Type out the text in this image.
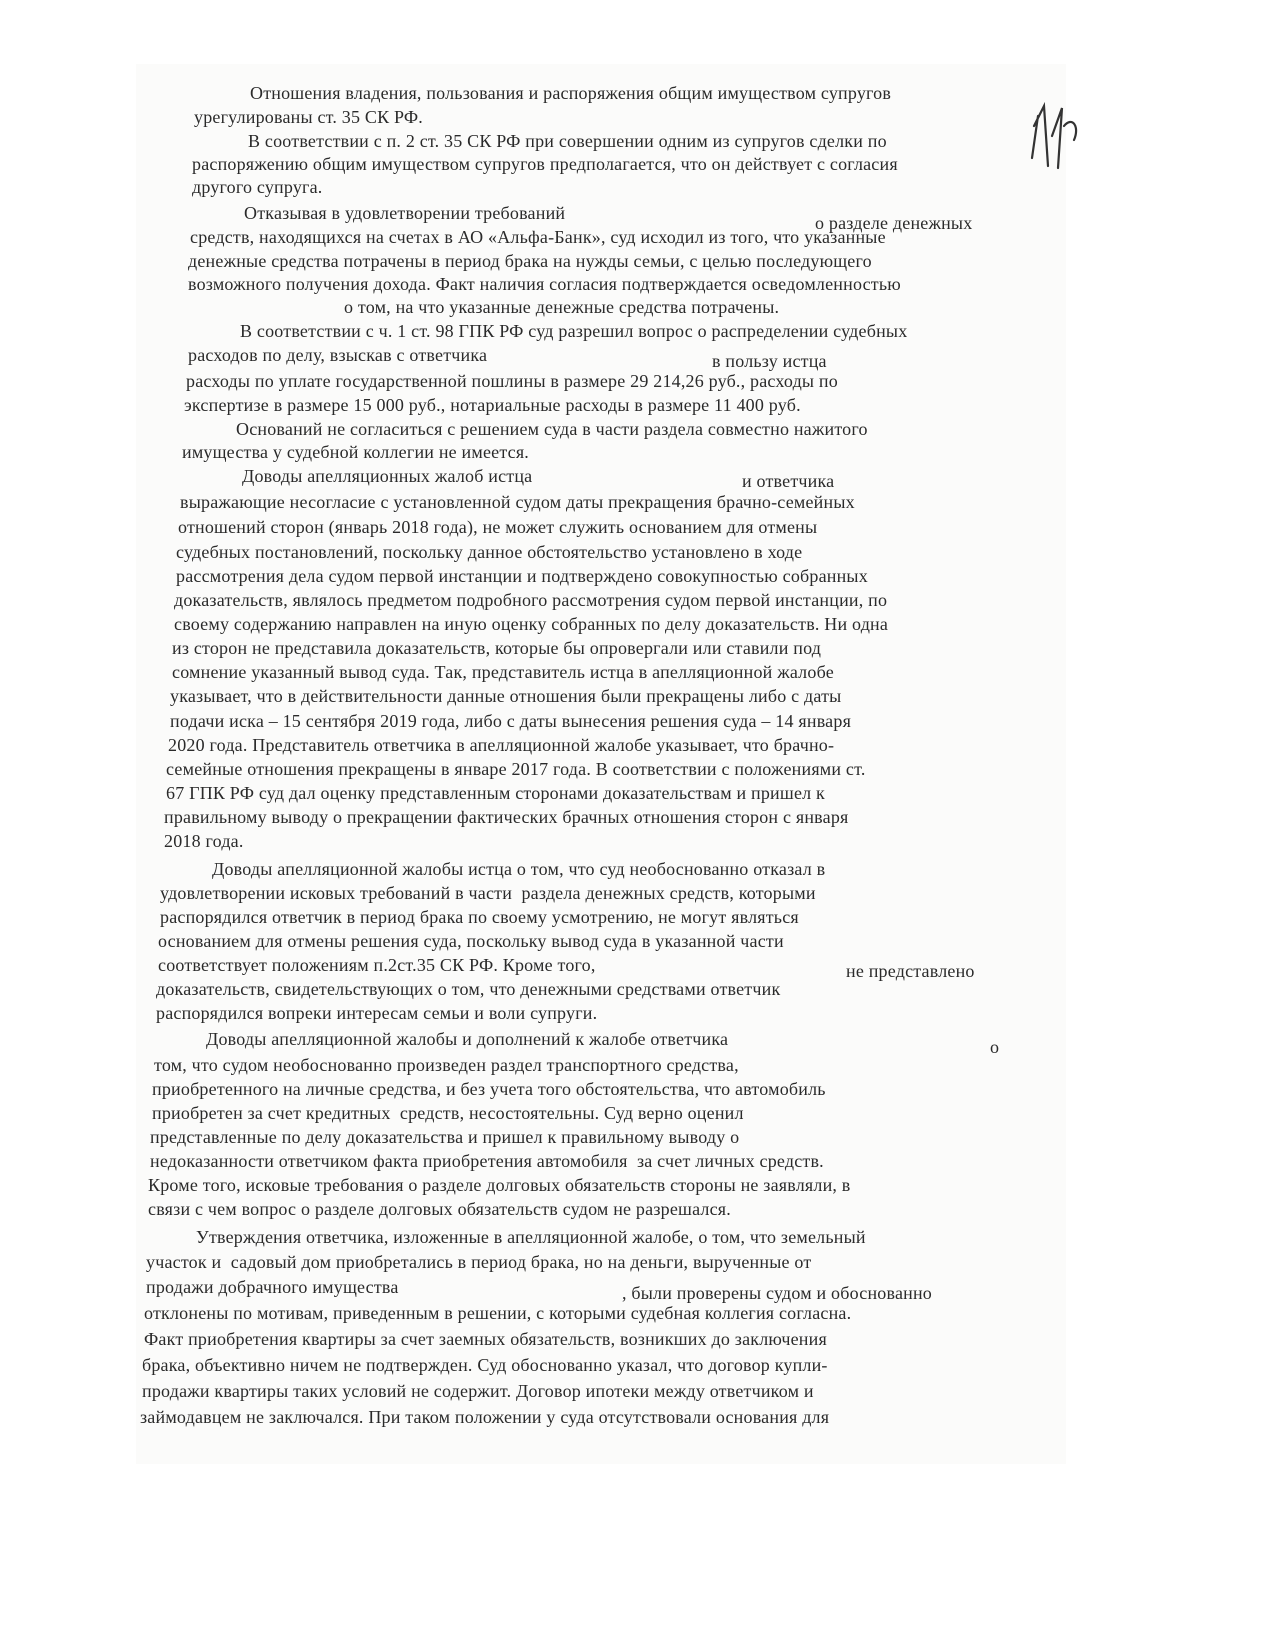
Отношения владения, пользования и распоряжения общим имуществом супругов
урегулированы ст. 35 СК РФ.
В соответствии с п. 2 ст. 35 СК РФ при совершении одним из супругов сделки по
распоряжению общим имуществом супругов предполагается, что он действует с согласия
другого супруга.
Отказывая в удовлетворении требований	о разделе денежных
средств, находящихся на счетах в АО «Альфа-Банк», суд исходил из того, что указанные
денежные средства потрачены в период брака на нужды семьи, с целью последующего
возможного получения дохода. Факт наличия согласия подтверждается осведомленностью
о том, на что указанные денежные средства потрачены.
В соответствии с ч. 1 ст. 98 ГПК РФ суд разрешил вопрос о распределении судебных
расходов по делу, взыскав с ответчика	в пользу истца
расходы по уплате государственной пошлины в размере 29 214,26 руб., расходы по
экспертизе в размере 15 000 руб., нотариальные расходы в размере 11 400 руб.
Оснований не согласиться с решением суда в части раздела совместно нажитого
имущества у судебной коллегии не имеется.
Доводы апелляционных жалоб истца	и ответчика
выражающие несогласие с установленной судом даты прекращения брачно-семейных
отношений сторон (январь 2018 года), не может служить основанием для отмены
судебных постановлений, поскольку данное обстоятельство установлено в ходе
рассмотрения дела судом первой инстанции и подтверждено совокупностью собранных
доказательств, являлось предметом подробного рассмотрения судом первой инстанции, по
своему содержанию направлен на иную оценку собранных по делу доказательств. Ни одна
из сторон не представила доказательств, которые бы опровергали или ставили под
сомнение указанный вывод суда. Так, представитель истца в апелляционной жалобе
указывает, что в действительности данные отношения были прекращены либо с даты
подачи иска – 15 сентября 2019 года, либо с даты вынесения решения суда – 14 января
2020 года. Представитель ответчика в апелляционной жалобе указывает, что брачно-
семейные отношения прекращены в январе 2017 года. В соответствии с положениями ст.
67 ГПК РФ суд дал оценку представленным сторонами доказательствам и пришел к
правильному выводу о прекращении фактических брачных отношения сторон с января
2018 года.
Доводы апелляционной жалобы истца о том, что суд необоснованно отказал в
удовлетворении исковых требований в части  раздела денежных средств, которыми
распорядился ответчик в период брака по своему усмотрению, не могут являться
основанием для отмены решения суда, поскольку вывод суда в указанной части
соответствует положениям п.2ст.35 СК РФ. Кроме того,	не представлено
доказательств, свидетельствующих о том, что денежными средствами ответчик
распорядился вопреки интересам семьи и воли супруги.
Доводы апелляционной жалобы и дополнений к жалобе ответчика	о
том, что судом необоснованно произведен раздел транспортного средства,
приобретенного на личные средства, и без учета того обстоятельства, что автомобиль
приобретен за счет кредитных  средств, несостоятельны. Суд верно оценил
представленные по делу доказательства и пришел к правильному выводу о
недоказанности ответчиком факта приобретения автомобиля  за счет личных средств.
Кроме того, исковые требования о разделе долговых обязательств стороны не заявляли, в
связи с чем вопрос о разделе долговых обязательств судом не разрешался.
Утверждения ответчика, изложенные в апелляционной жалобе, о том, что земельный
участок и  садовый дом приобретались в период брака, но на деньги, вырученные от
продажи добрачного имущества	, были проверены судом и обоснованно
отклонены по мотивам, приведенным в решении, с которыми судебная коллегия согласна.
Факт приобретения квартиры за счет заемных обязательств, возникших до заключения
брака, объективно ничем не подтвержден. Суд обоснованно указал, что договор купли-
продажи квартиры таких условий не содержит. Договор ипотеки между ответчиком и
займодавцем не заключался. При таком положении у суда отсутствовали основания для
